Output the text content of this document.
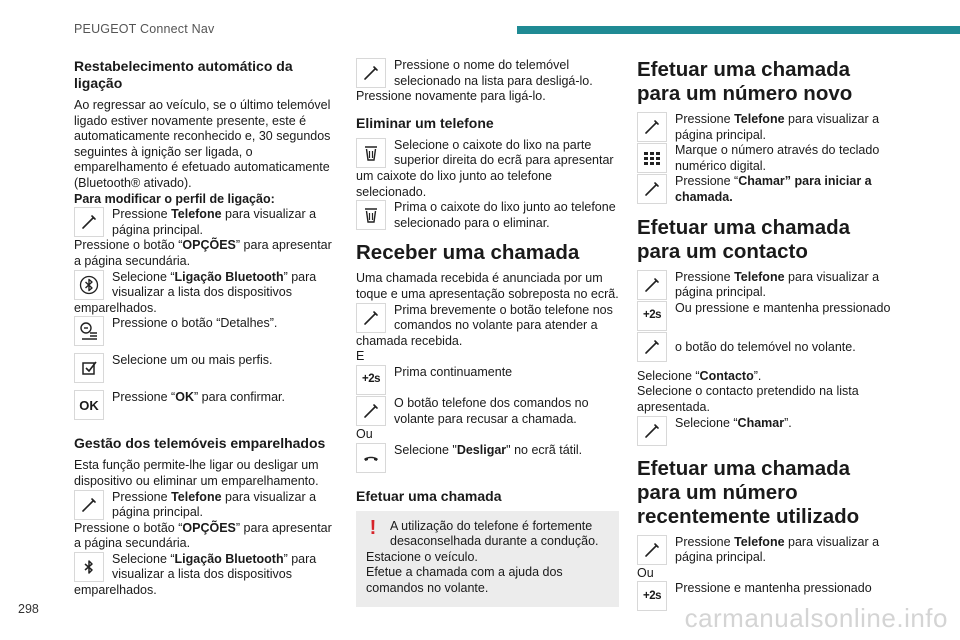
PEUGEOT Connect Nav
Restabelecimento automático da ligação

Ao regressar ao veículo, se o último telemóvel ligado estiver novamente presente, este é automaticamente reconhecido e, 30 segundos seguintes à ignição ser ligada, o emparelhamento é efetuado automaticamente (Bluetooth® ativado).

Para modificar o perfil de ligação:

Pressione Telefone para visualizar a página principal.

Pressione o botão “OPÇÕES” para apresentar a página secundária.

Selecione “Ligação Bluetooth” para visualizar a lista dos dispositivos emparelhados.
Pressione o botão “Detalhes”.
Selecione um ou mais perfis.
OK
Pressione “OK” para confirmar.
Gestão dos telemóveis emparelhados

Esta função permite-lhe ligar ou desligar um dispositivo ou eliminar um emparelhamento.

Pressione Telefone para visualizar a página principal.

Pressione o botão “OPÇÕES” para apresentar a página secundária.

Selecione “Ligação Bluetooth” para visualizar a lista dos dispositivos emparelhados.
Pressione o nome do telemóvel selecionado na lista para desligá-lo.

Pressione novamente para ligá-lo.

Eliminar um telefone
Selecione o caixote do lixo na parte superior direita do ecrã para apresentar um caixote do lixo junto ao telefone selecionado.
Prima o caixote do lixo junto ao telefone selecionado para o eliminar.
Receber uma chamada

Uma chamada recebida é anunciada por um toque e uma apresentação sobreposta no ecrã.

Prima brevemente o botão telefone nos comandos no volante para atender a chamada recebida.

E

+2s
Prima continuamente
O botão telefone dos comandos no volante para recusar a chamada.

Ou

Selecione "Desligar" no ecrã tátil.
Efetuar uma chamada
! A utilização do telefone é fortemente desaconselhada durante a condução.

Estacione o veículo.

Efetue a chamada com a ajuda dos comandos no volante.

Efetuar uma chamada para um número novo
Pressione Telefone para visualizar a página principal.
Marque o número através do teclado numérico digital.
Pressione “Chamar” para iniciar a chamada.
Efetuar uma chamada para um contacto
Pressione Telefone para visualizar a página principal.
+2s
Ou pressione e mantenha pressionado
o botão do telemóvel no volante.

Selecione “Contacto”.

Selecione o contacto pretendido na lista apresentada.

Selecione “Chamar”.
Efetuar uma chamada para um número recentemente utilizado
Pressione Telefone para visualizar a página principal.

Ou

+2s
Pressione e mantenha pressionado
298	carmanualsonline.info
